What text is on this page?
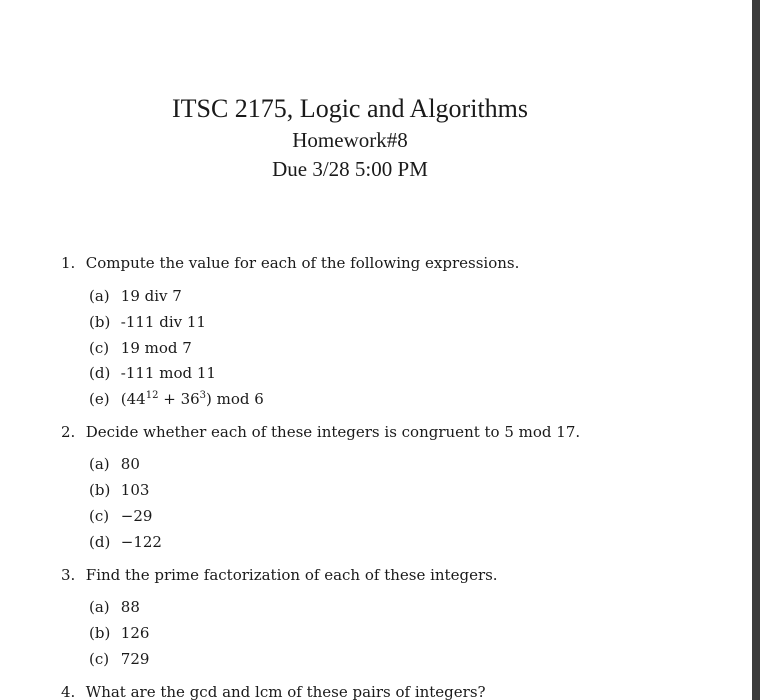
ITSC 2175, Logic and Algorithms
Homework#8
Due 3/28 5:00 PM
1. Compute the value for each of the following expressions.
(a) 19 div 7
(b) -111 div 11
(c) 19 mod 7
(d) -111 mod 11
(e) $(44^{12} + 36^3)$ mod 6
2. Decide whether each of these integers is congruent to 5 mod 17.
(a) 80
(b) 103
(c) −29
(d) −122
3. Find the prime factorization of each of these integers.
(a) 88
(b) 126
(c) 729
4. What are the gcd and lcm of these pairs of integers?
